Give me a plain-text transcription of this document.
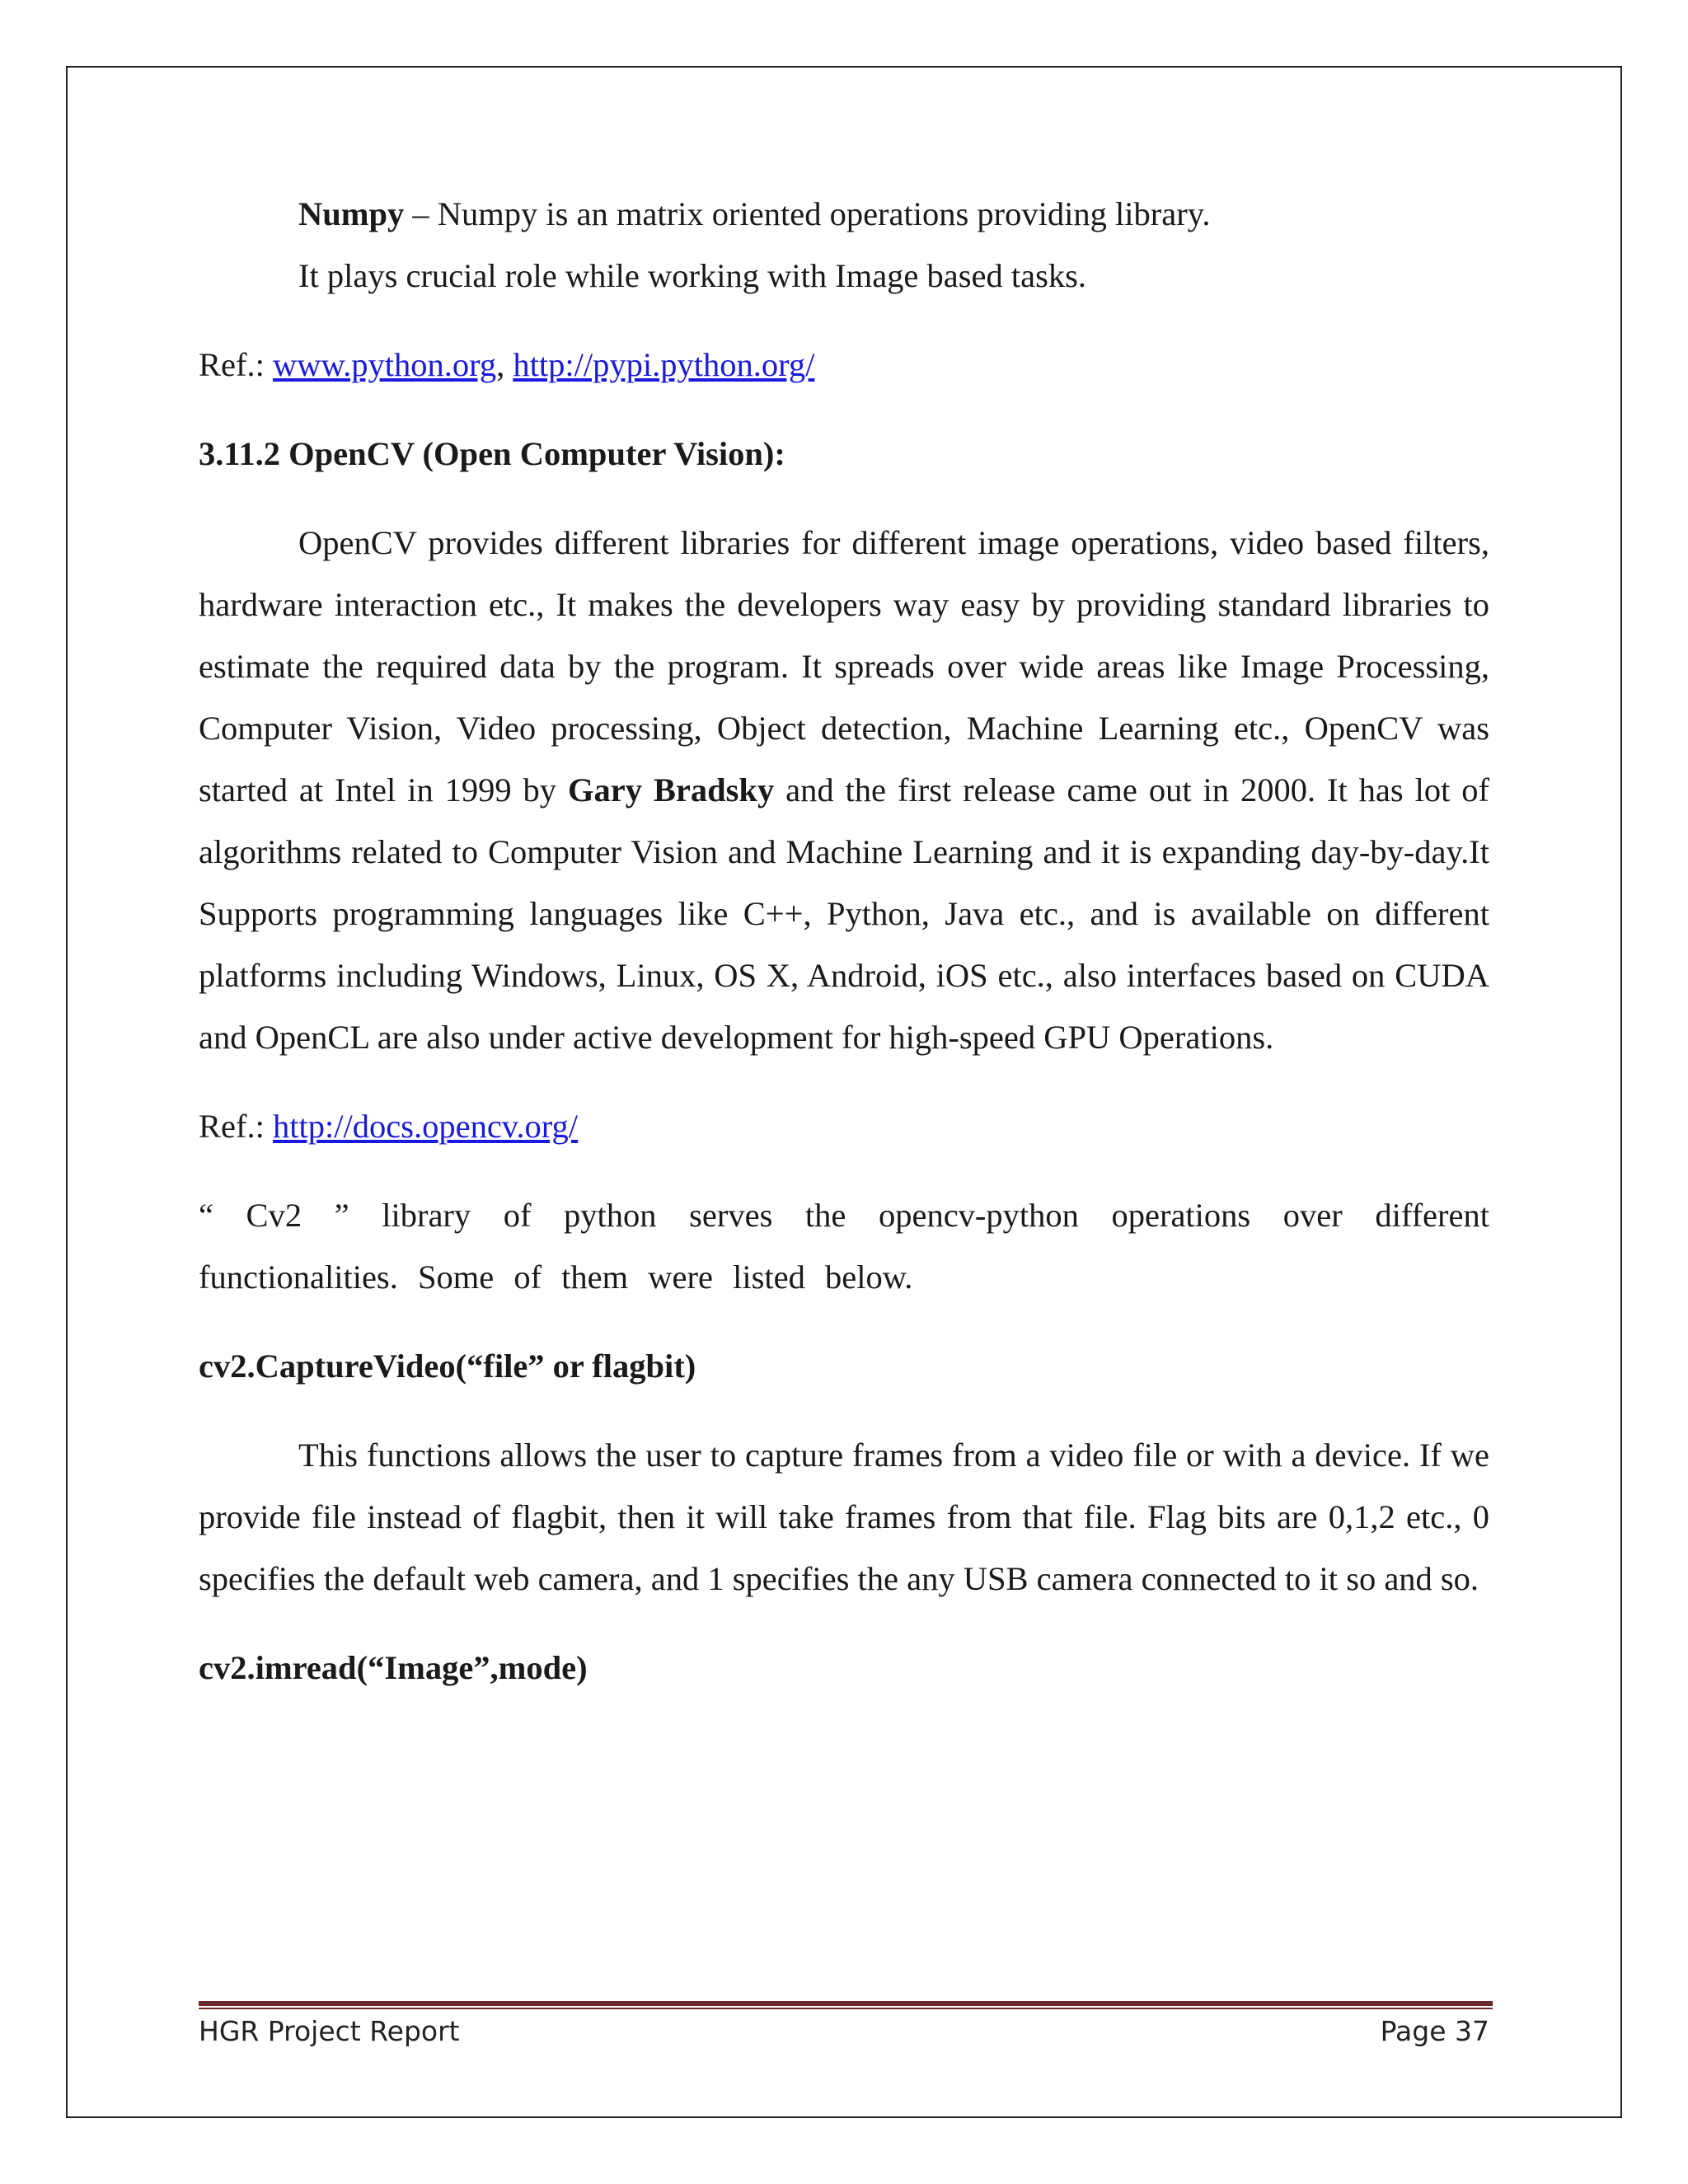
Numpy – Numpy is an matrix oriented operations providing library.

It plays crucial role while working with Image based tasks.

Ref.: www.python.org, http://pypi.python.org/

3.11.2 OpenCV (Open Computer Vision):

OpenCV provides different libraries for different image operations, video based filters, hardware interaction etc., It makes the developers way easy by providing standard libraries to estimate the required data by the program. It spreads over wide areas like Image Processing, Computer Vision, Video processing, Object detection, Machine Learning etc., OpenCV was started at Intel in 1999 by Gary Bradsky and the first release came out in 2000. It has lot of algorithms related to Computer Vision and Machine Learning and it is expanding day-by-day.It Supports programming languages like C++, Python, Java etc., and is available on different platforms including Windows, Linux, OS X, Android, iOS etc., also interfaces based on CUDA and OpenCL are also under active development for high-speed GPU Operations.

Ref.: http://docs.opencv.org/

“ Cv2 ” library of python serves the opencv-python operations over different functionalities. Some of them were listed below.

cv2.CaptureVideo(“file” or flagbit)

This functions allows the user to capture frames from a video file or with a device. If we provide file instead of flagbit, then it will take frames from that file. Flag bits are 0,1,2 etc., 0 specifies the default web camera, and 1 specifies the any USB camera connected to it so and so.

cv2.imread(“Image”,mode)

HGR Project Report	Page 37
